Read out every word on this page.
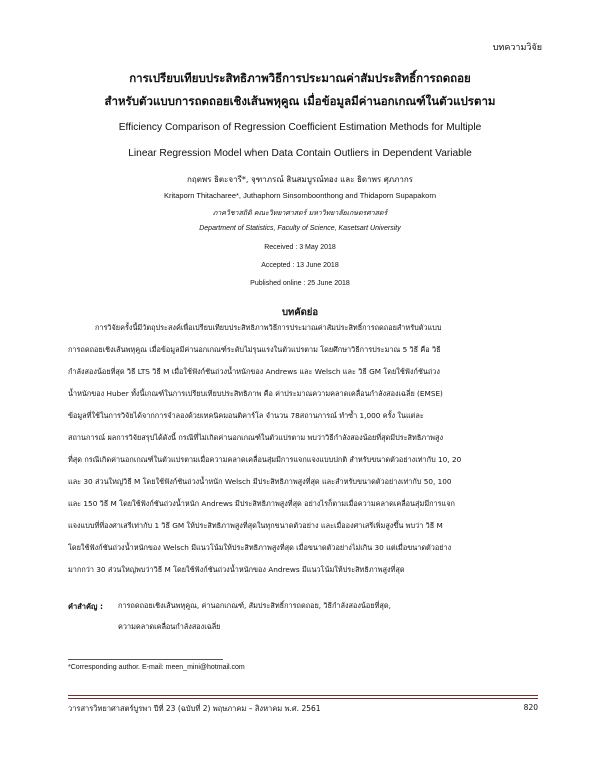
บทความวิจัย
การเปรียบเทียบประสิทธิภาพวิธีการประมาณค่าสัมประสิทธิ์การถดถอย
สำหรับตัวแบบการถดถอยเชิงเส้นพหุคูณ เมื่อข้อมูลมีค่านอกเกณฑ์ในตัวแปรตาม
Efficiency Comparison of Regression Coefficient Estimation Methods for Multiple
Linear Regression Model when Data Contain Outliers in Dependent Variable
กฤตพร ธิตะจารี*, จุฑาภรณ์ สินสมบูรณ์ทอง และ ธิดาพร ศุภภากร
Kritaporn Thitacharee*, Juthaphorn Sinsomboonthong and Thidaporn Supapakorn
ภาควิชาสถิติ คณะวิทยาศาสตร์ มหาวิทยาลัยเกษตรศาสตร์
Department of Statistics, Faculty of Science, Kasetsart University
Received : 3 May 2018
Accepted : 13 June 2018
Published online : 25 June 2018
บทคัดย่อ
การวิจัยครั้งนี้มีวัตถุประสงค์เพื่อเปรียบเทียบประสิทธิภาพวิธีการประมาณค่าสัมประสิทธิ์การถดถอยสำหรับตัวแบบ
การถดถอยเชิงเส้นพหุคูณ เมื่อข้อมูลมีค่านอกเกณฑ์ระดับไม่รุนแรงในตัวแปรตาม โดยศึกษาวิธีการประมาณ 5 วิธี คือ วิธี
กำลังสองน้อยที่สุด วิธี LTS วิธี M เมื่อใช้ฟังก์ชันถ่วงน้ำหนักของ Andrews และ Welsch และ วิธี GM โดยใช้ฟังก์ชันถ่วง
น้ำหนักของ Huber ทั้งนี้เกณฑ์ในการเปรียบเทียบประสิทธิภาพ คือ ค่าประมาณความคลาดเคลื่อนกำลังสองเฉลี่ย (EMSE)
ข้อมูลที่ใช้ในการวิจัยได้จากการจำลองด้วยเทคนิคมอนติคาร์โล จำนวน 78สถานการณ์ ทำซ้ำ 1,000 ครั้ง ในแต่ละ
สถานการณ์ ผลการวิจัยสรุปได้ดังนี้ กรณีที่ไม่เกิดค่านอกเกณฑ์ในตัวแปรตาม พบว่าวิธีกำลังสองน้อยที่สุดมีประสิทธิภาพสูง
ที่สุด กรณีเกิดค่านอกเกณฑ์ในตัวแปรตามเมื่อความคลาดเคลื่อนสุ่มมีการแจกแจงแบบปกติ สำหรับขนาดตัวอย่างเท่ากับ 10, 20
และ 30 ส่วนใหญ่วิธี M โดยใช้ฟังก์ชันถ่วงน้ำหนัก Welsch มีประสิทธิภาพสูงที่สุด และสำหรับขนาดตัวอย่างเท่ากับ 50, 100
และ 150 วิธี M โดยใช้ฟังก์ชันถ่วงน้ำหนัก Andrews มีประสิทธิภาพสูงที่สุด อย่างไรก็ตามเมื่อความคลาดเคลื่อนสุ่มมีการแจก
แจงแบบที่ที่องศาเสรีเท่ากับ 1 วิธี GM ให้ประสิทธิภาพสูงที่สุดในทุกขนาดตัวอย่าง และเมื่อองศาเสรีเพิ่มสูงขึ้น พบว่า วิธี M
โดยใช้ฟังก์ชันถ่วงน้ำหนักของ Welsch มีแนวโน้มให้ประสิทธิภาพสูงที่สุด เมื่อขนาดตัวอย่างไม่เกิน 30 แต่เมื่อขนาดตัวอย่าง
มากกว่า 30 ส่วนใหญ่พบว่าวิธี M โดยใช้ฟังก์ชันถ่วงน้ำหนักของ Andrews มีแนวโน้มให้ประสิทธิภาพสูงที่สุด
คำสำคัญ : การถดถอยเชิงเส้นพหุคูณ, ค่านอกเกณฑ์, สัมประสิทธิ์การถดถอย, วิธีกำลังสองน้อยที่สุด,
ความคลาดเคลื่อนกำลังสองเฉลี่ย
*Corresponding author. E-mail: meen_mini@hotmail.com
วารสารวิทยาศาสตร์บูรพา ปีที่ 23 (ฉบับที่ 2) พฤษภาคม – สิงหาคม พ.ศ. 2561	820
